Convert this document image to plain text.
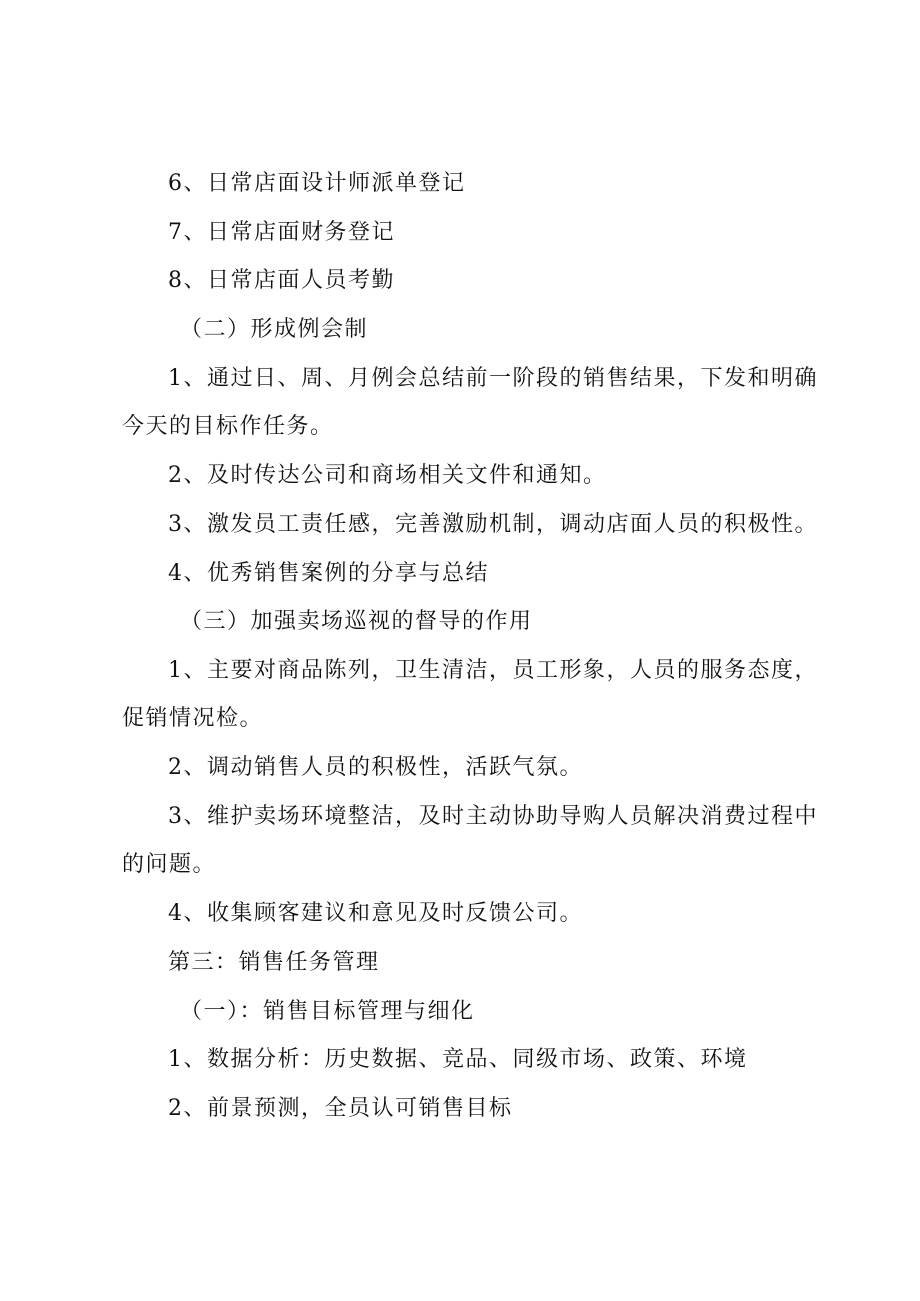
6、日常店面设计师派单登记
7、日常店面财务登记
8、日常店面人员考勤
（二）形成例会制
1、通过日、周、月例会总结前一阶段的销售结果，下发和明确今天的目标作任务。
2、及时传达公司和商场相关文件和通知。
3、激发员工责任感，完善激励机制，调动店面人员的积极性。
4、优秀销售案例的分享与总结
（三）加强卖场巡视的督导的作用
1、主要对商品陈列，卫生清洁，员工形象，人员的服务态度，促销情况检。
2、调动销售人员的积极性，活跃气氛。
3、维护卖场环境整洁，及时主动协助导购人员解决消费过程中的问题。
4、收集顾客建议和意见及时反馈公司。
第三：销售任务管理
（一）：销售目标管理与细化
1、数据分析：历史数据、竞品、同级市场、政策、环境
2、前景预测，全员认可销售目标
